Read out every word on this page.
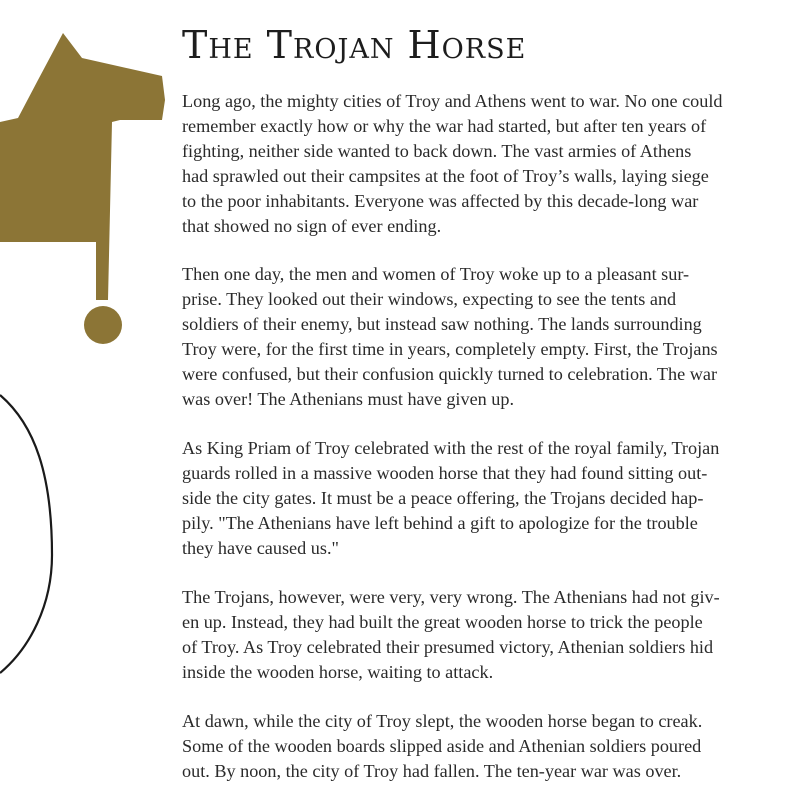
The Trojan Horse
Long ago, the mighty cities of Troy and Athens went to war. No one could
remember exactly how or why the war had started, but after ten years of
fighting, neither side wanted to back down. The vast armies of Athens
had sprawled out their campsites at the foot of Troy’s walls, laying siege
to the poor inhabitants. Everyone was affected by this decade-long war
that showed no sign of ever ending.
Then one day, the men and women of Troy woke up to a pleasant sur-
prise. They looked out their windows, expecting to see the tents and
soldiers of their enemy, but instead saw nothing. The lands surrounding
Troy were, for the first time in years, completely empty. First, the Trojans
were confused, but their confusion quickly turned to celebration. The war
was over! The Athenians must have given up.
As King Priam of Troy celebrated with the rest of the royal family, Trojan
guards rolled in a massive wooden horse that they had found sitting out-
side the city gates. It must be a peace offering, the Trojans decided hap-
pily. "The Athenians have left behind a gift to apologize for the trouble
they have caused us."
The Trojans, however, were very, very wrong. The Athenians had not giv-
en up. Instead, they had built the great wooden horse to trick the people
of Troy. As Troy celebrated their presumed victory, Athenian soldiers hid
inside the wooden horse, waiting to attack.
At dawn, while the city of Troy slept, the wooden horse began to creak.
Some of the wooden boards slipped aside and Athenian soldiers poured
out. By noon, the city of Troy had fallen. The ten-year war was over.
